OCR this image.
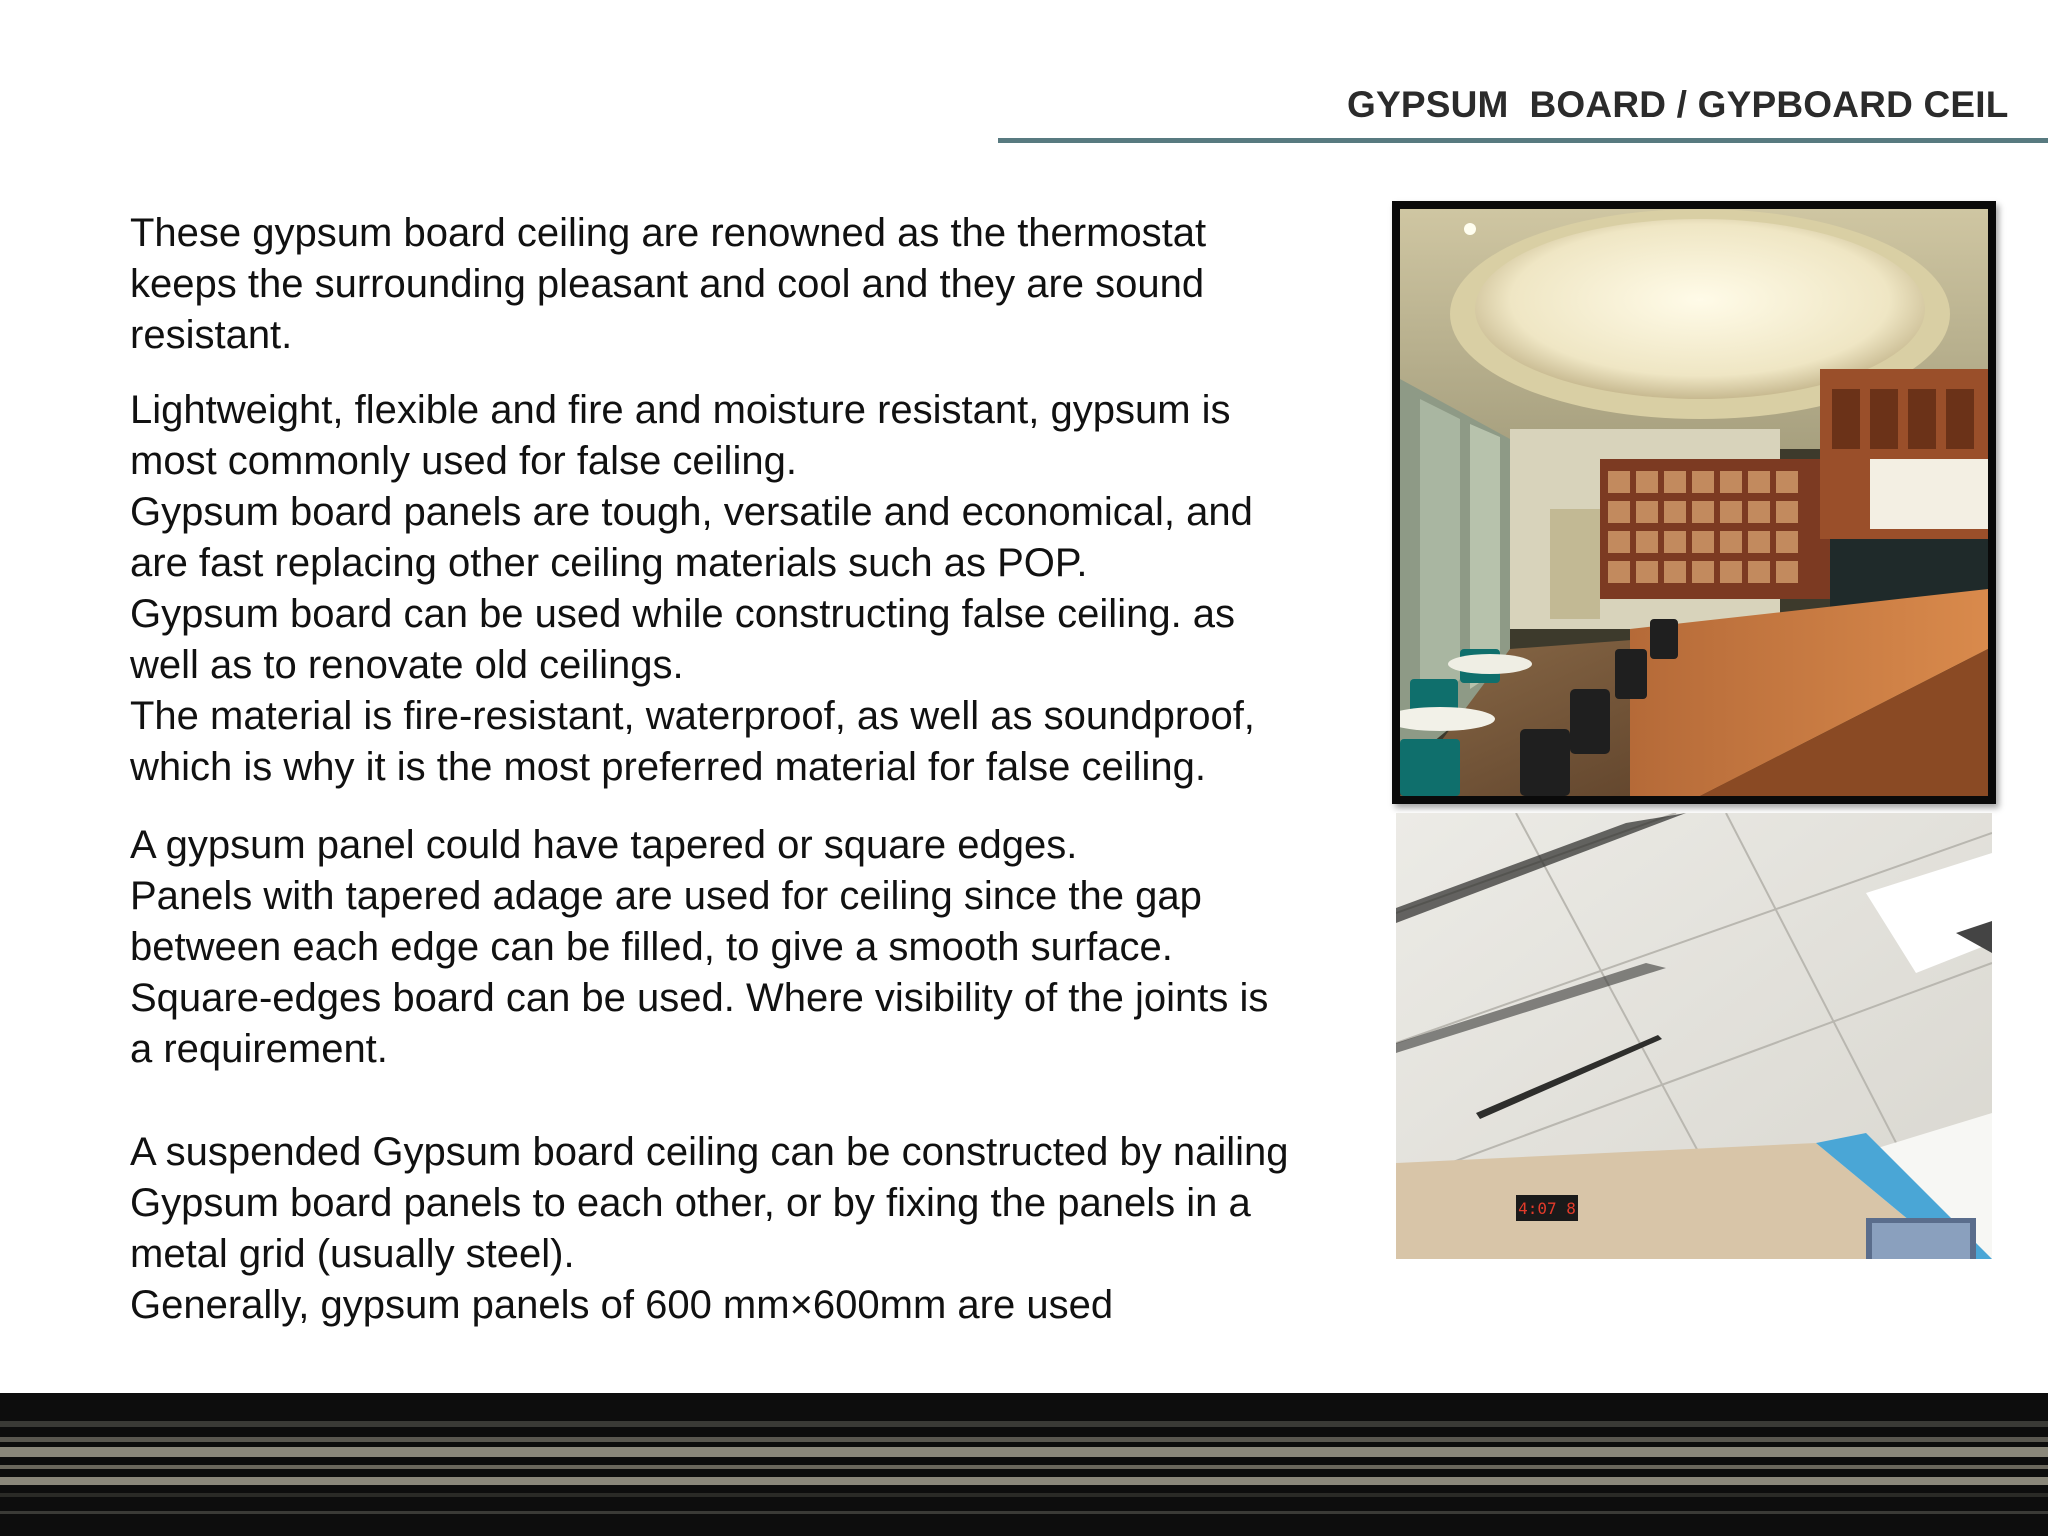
GYPSUM  BOARD / GYPBOARD CEIL
These gypsum board ceiling are renowned as the thermostat
keeps the surrounding pleasant and cool and they are sound
resistant.
Lightweight, flexible and fire and moisture resistant, gypsum is
most commonly used for false ceiling.
Gypsum board panels are tough, versatile and economical, and
are fast replacing other ceiling materials such as POP.
Gypsum board can be used while constructing false ceiling. as
well as to renovate old ceilings.
The material is fire-resistant, waterproof, as well as soundproof,
which is why it is the most preferred material for false ceiling.
A gypsum panel could have tapered or square edges.
Panels with tapered adage are used for ceiling since the gap
between each edge can be filled, to give a smooth surface.
Square-edges board can be used. Where visibility of the joints is
a requirement.
A suspended Gypsum board ceiling can be constructed by nailing
Gypsum board panels to each other, or by fixing the panels in a
metal grid (usually steel).
Generally, gypsum panels of 600 mm×600mm are used
4:07 8
